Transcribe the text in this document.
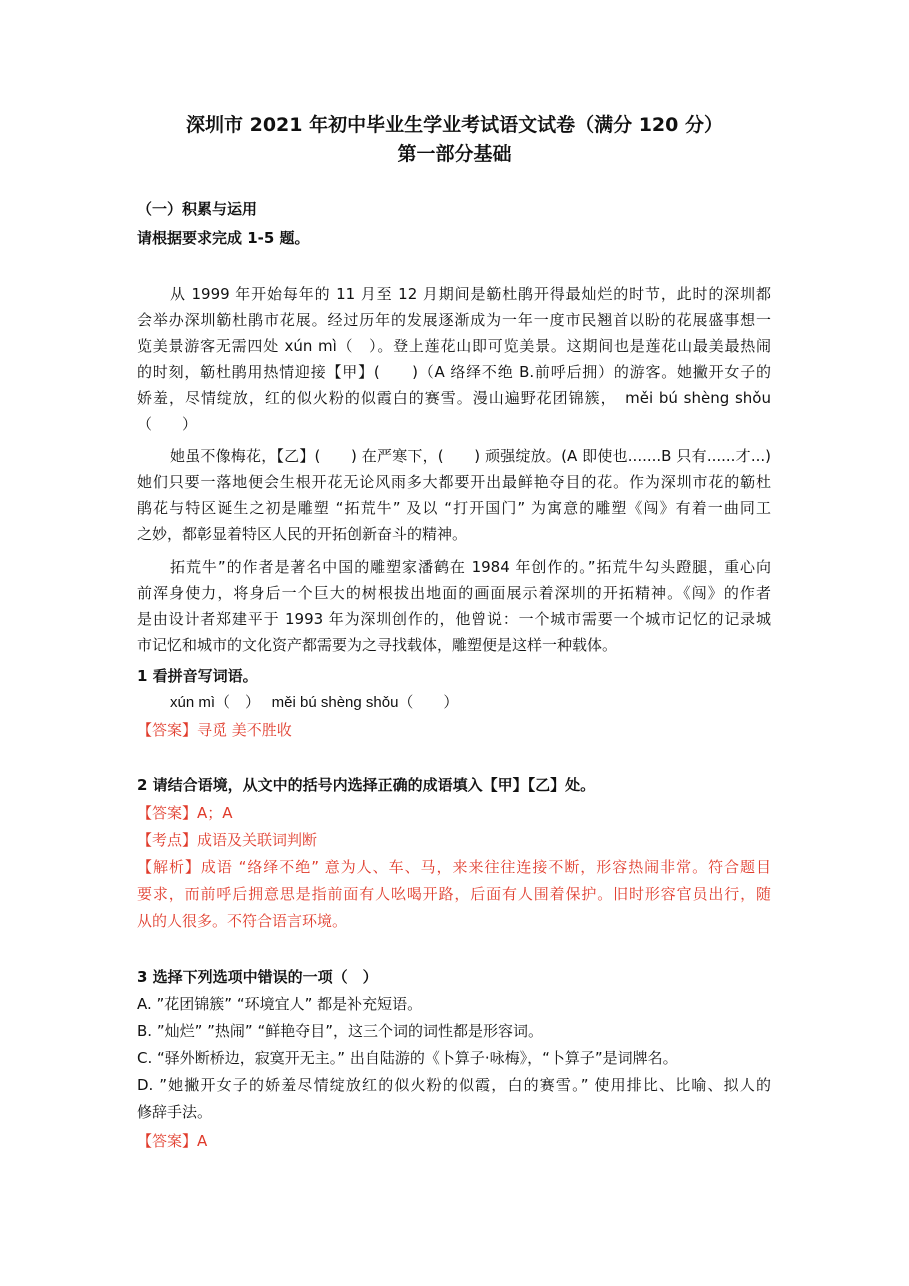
深圳市 2021 年初中毕业生学业考试语文试卷（满分 120 分）
第一部分基础
（一）积累与运用
请根据要求完成 1-5 题。
从 1999 年开始每年的 11 月至 12 月期间是簕杜鹃开得最灿烂的时节，此时的深圳都
会举办深圳簕杜鹃市花展。经过历年的发展逐渐成为一年一度市民翘首以盼的花展盛事想一
览美景游客无需四处 xún mì（　）。登上莲花山即可览美景。这期间也是莲花山最美最热闹
的时刻，簕杜鹃用热情迎接【甲】(　　)（A 络绎不绝 B.前呼后拥）的游客。她撇开女子的
娇羞，尽情绽放，红的似火粉的似霞白的赛雪。漫山遍野花团锦簇，　měi bú shèng shǒu
（　　）
她虽不像梅花，【乙】(　　) 在严寒下，(　　) 顽强绽放。(A 即使也.......B 只有......才...)
她们只要一落地便会生根开花无论风雨多大都要开出最鲜艳夺目的花。作为深圳市花的簕杜
鹃花与特区诞生之初是雕塑 “拓荒牛” 及以 “打开国门” 为寓意的雕塑《闯》有着一曲同工
之妙，都彰显着特区人民的开拓创新奋斗的精神。
拓荒牛”的作者是著名中国的雕塑家潘鹤在 1984 年创作的。”拓荒牛勾头蹬腿，重心向
前浑身使力，将身后一个巨大的树根拔出地面的画面展示着深圳的开拓精神。《闯》的作者
是由设计者郑建平于 1993 年为深圳创作的，他曾说：一个城市需要一个城市记忆的记录城
市记忆和城市的文化资产都需要为之寻找载体，雕塑便是这样一种载体。
1 看拼音写词语。
xún mì（　）　 měi bú shèng shǒu（　　）
【答案】寻觅 美不胜收
2 请结合语境，从文中的括号内选择正确的成语填入【甲】【乙】处。
【答案】A；A
【考点】成语及关联词判断
【解析】成语 “络绎不绝” 意为人、车、马，来来往往连接不断，形容热闹非常。符合题目
要求，而前呼后拥意思是指前面有人吆喝开路，后面有人围着保护。旧时形容官员出行，随
从的人很多。不符合语言环境。
3 选择下列选项中错误的一项（　）
A. ”花团锦簇” “环境宜人” 都是补充短语。
B. ”灿烂” ”热闹” “鲜艳夺目”，这三个词的词性都是形容词。
C. “驿外断桥边，寂寞开无主。” 出自陆游的《卜算子·咏梅》，“卜算子”是词牌名。
D. ”她撇开女子的娇羞尽情绽放红的似火粉的似霞，白的赛雪。” 使用排比、比喻、拟人的
修辞手法。
【答案】A
